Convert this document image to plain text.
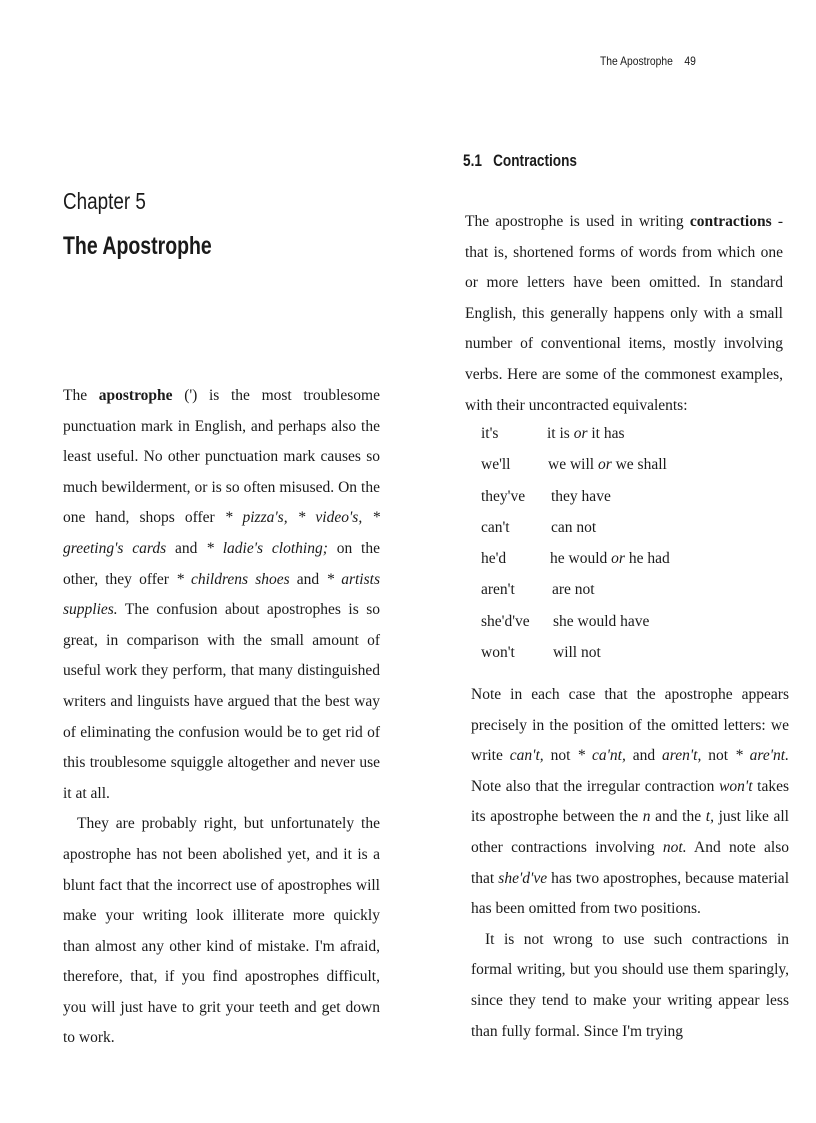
The Apostrophe 49
Chapter 5
The Apostrophe

The apostrophe (') is the most troublesome punctuation mark in English, and perhaps also the least useful. No other punctuation mark causes so much bewilderment, or is so often misused. On the one hand, shops offer * pizza's, * video's, * greeting's cards and * ladie's clothing; on the other, they offer * childrens shoes and * artists supplies. The confusion about apostrophes is so great, in comparison with the small amount of useful work they perform, that many distinguished writers and linguists have argued that the best way of eliminating the confusion would be to get rid of this troublesome squiggle altogether and never use it at all.

They are probably right, but unfortunately the apostrophe has not been abolished yet, and it is a blunt fact that the incorrect use of apostrophes will make your writing look illiterate more quickly than almost any other kind of mistake. I'm afraid, therefore, that, if you find apostrophes difficult, you will just have to grit your teeth and get down to work.

5.1 Contractions

The apostrophe is used in writing contractions - that is, shortened forms of words from which one or more letters have been omitted. In standard English, this generally happens only with a small number of conventional items, mostly involving verbs. Here are some of the commonest examples, with their uncontracted equivalents:

it's	it is or it has
we'll we will or we shall
they've they have
can't	can not
he'd	he would or he had
aren't are not
she'd've she would have
won't will not

Note in each case that the apostrophe appears precisely in the position of the omitted letters: we write can't, not * ca'nt, and aren't, not * are'nt. Note also that the irregular contraction won't takes its apostrophe between the n and the t, just like all other contractions involving not. And note also that she'd've has two apostrophes, because material has been omitted from two positions.

It is not wrong to use such contractions in formal writing, but you should use them sparingly, since they tend to make your writing appear less than fully formal. Since I'm trying
